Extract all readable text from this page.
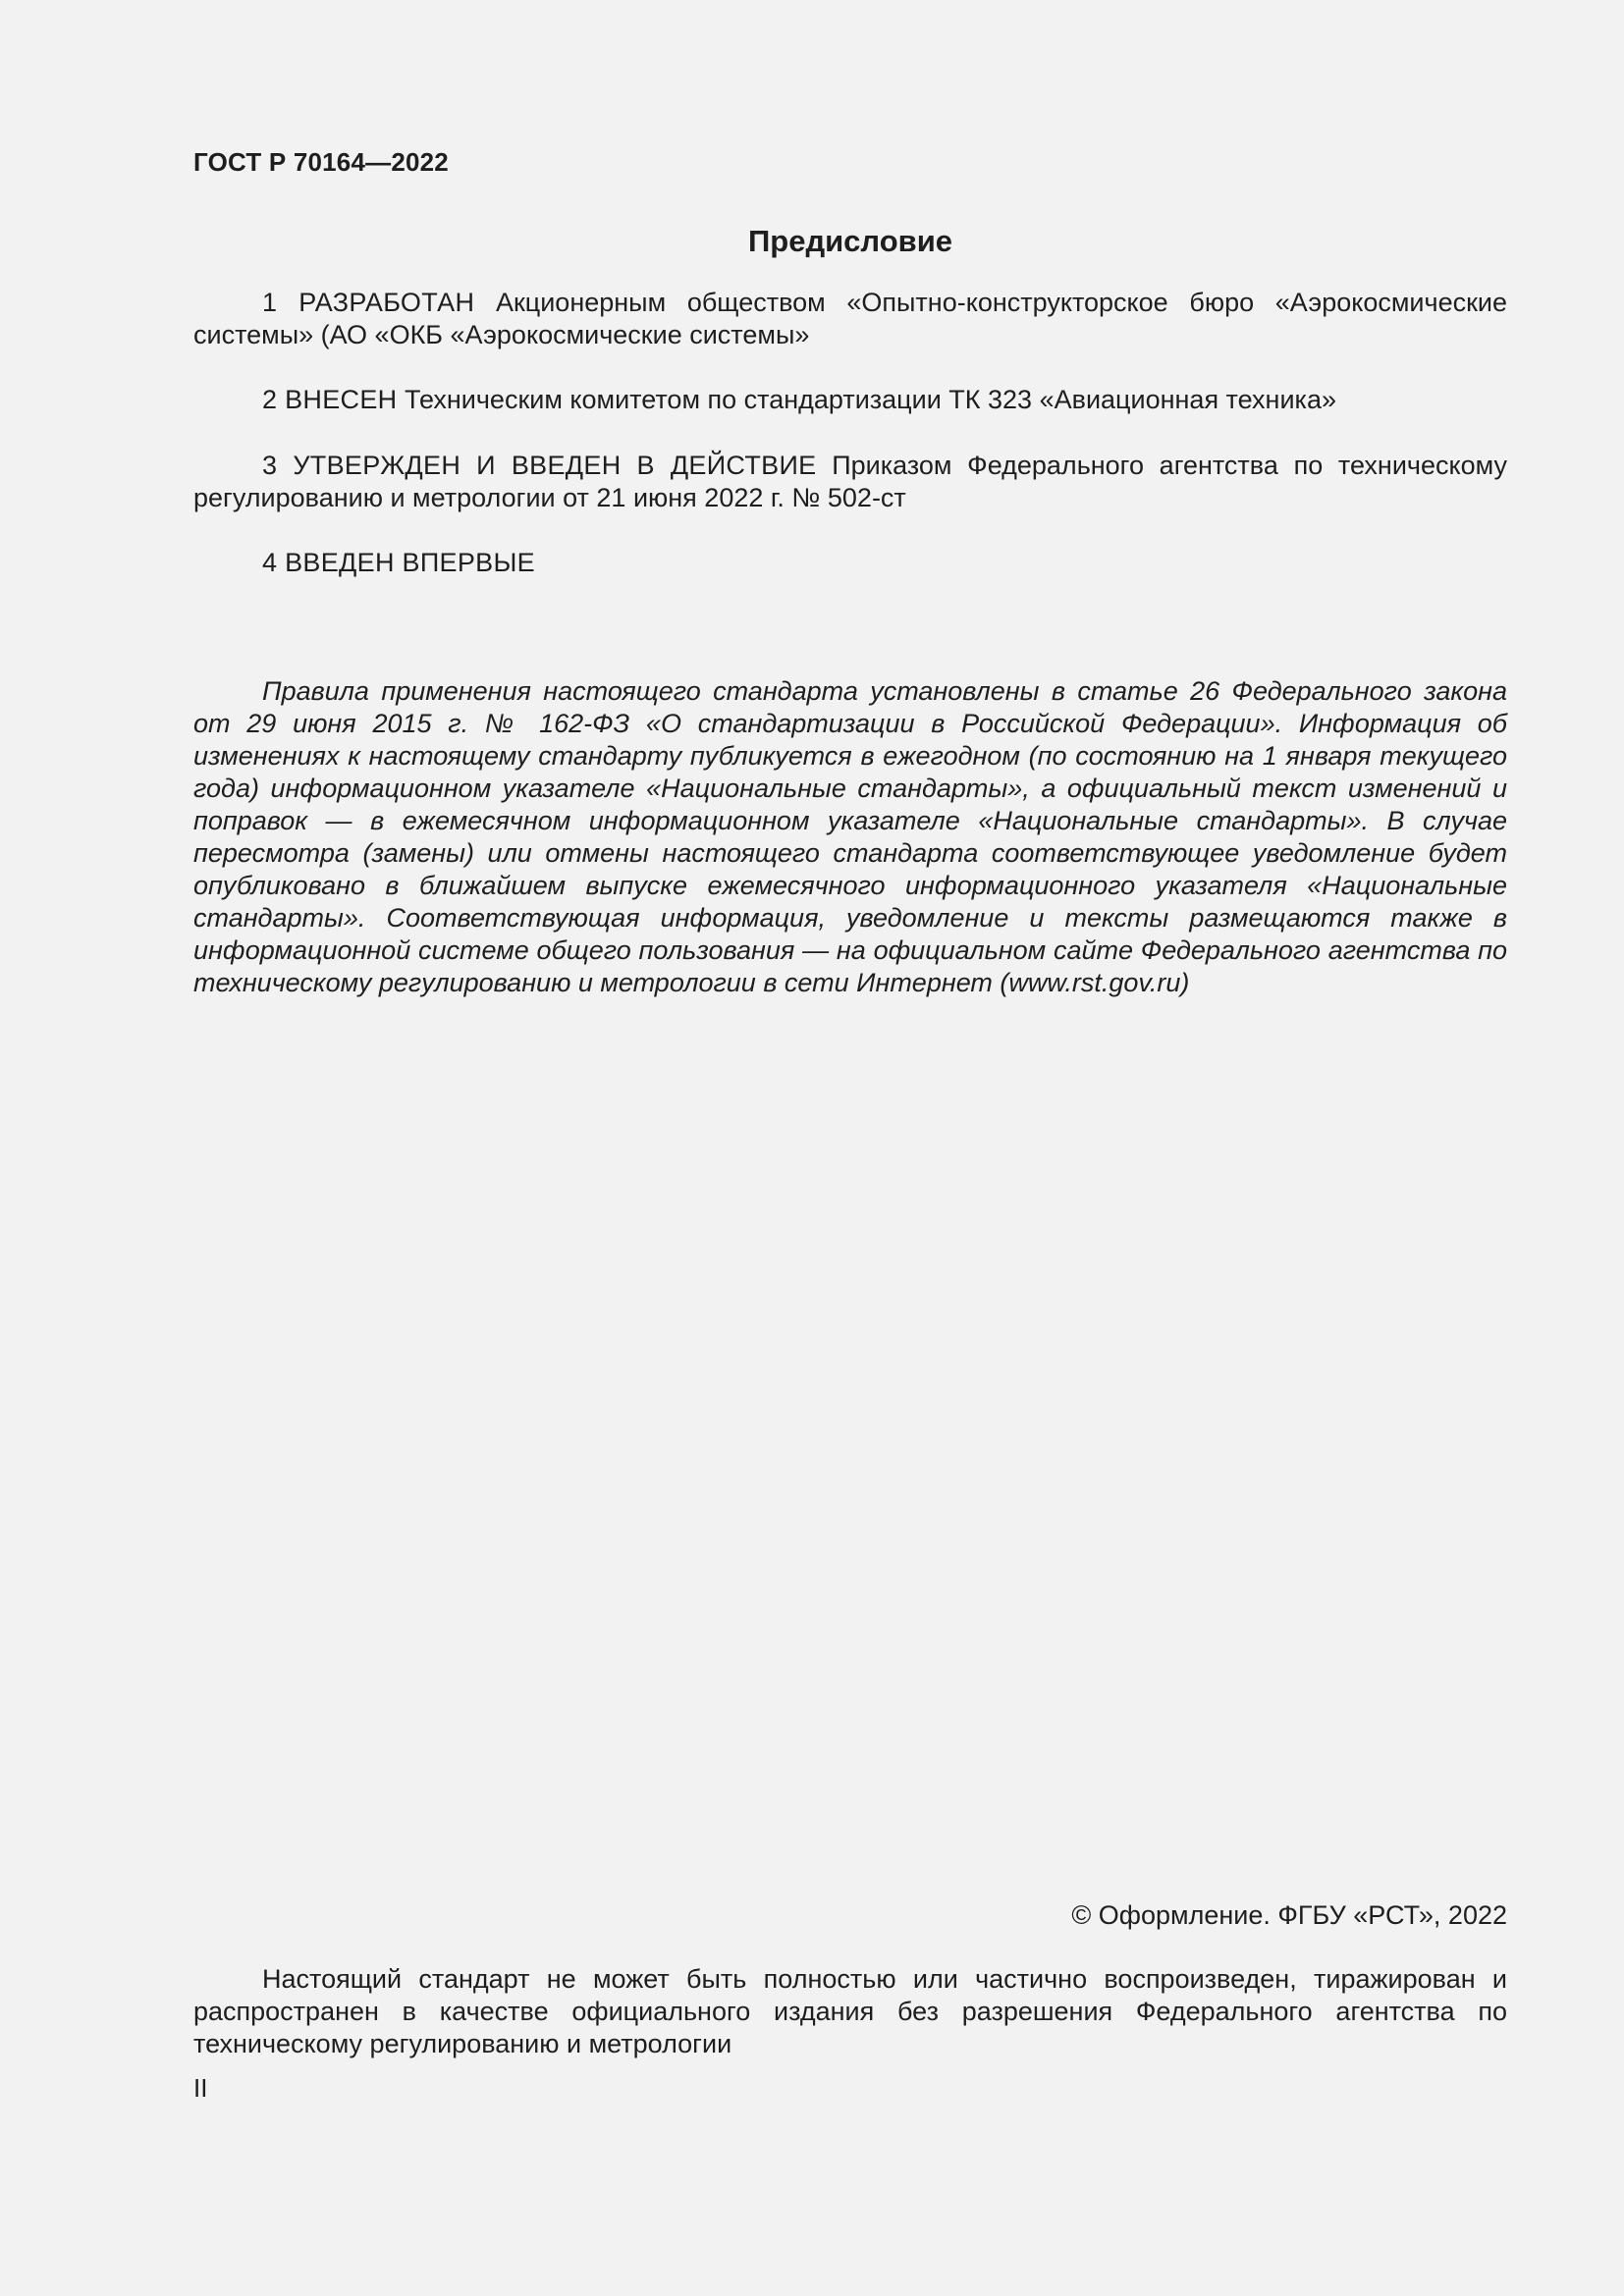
ГОСТ Р 70164—2022
Предисловие

1 РАЗРАБОТАН Акционерным обществом «Опытно-конструкторское бюро «Аэрокосмические системы» (АО «ОКБ «Аэрокосмические системы»

2 ВНЕСЕН Техническим комитетом по стандартизации ТК 323 «Авиационная техника»

3 УТВЕРЖДЕН И ВВЕДЕН В ДЕЙСТВИЕ Приказом Федерального агентства по техническому регулированию и метрологии от 21 июня 2022 г. № 502-ст

4 ВВЕДЕН ВПЕРВЫЕ

Правила применения настоящего стандарта установлены в статье 26 Федерального закона от 29 июня 2015 г. № 162-ФЗ «О стандартизации в Российской Федерации». Информация об изменениях к настоящему стандарту публикуется в ежегодном (по состоянию на 1 января текущего года) информационном указателе «Национальные стандарты», а официальный текст изменений и поправок — в ежемесячном информационном указателе «Национальные стандарты». В случае пересмотра (замены) или отмены настоящего стандарта соответствующее уведомление будет опубликовано в ближайшем выпуске ежемесячного информационного указателя «Национальные стандарты». Соответствующая информация, уведомление и тексты размещаются также в информационной системе общего пользования — на официальном сайте Федерального агентства по техническому регулированию и метрологии в сети Интернет (www.rst.gov.ru)

© Оформление. ФГБУ «РСТ», 2022

Настоящий стандарт не может быть полностью или частично воспроизведен, тиражирован и распространен в качестве официального издания без разрешения Федерального агентства по техническому регулированию и метрологии

II
